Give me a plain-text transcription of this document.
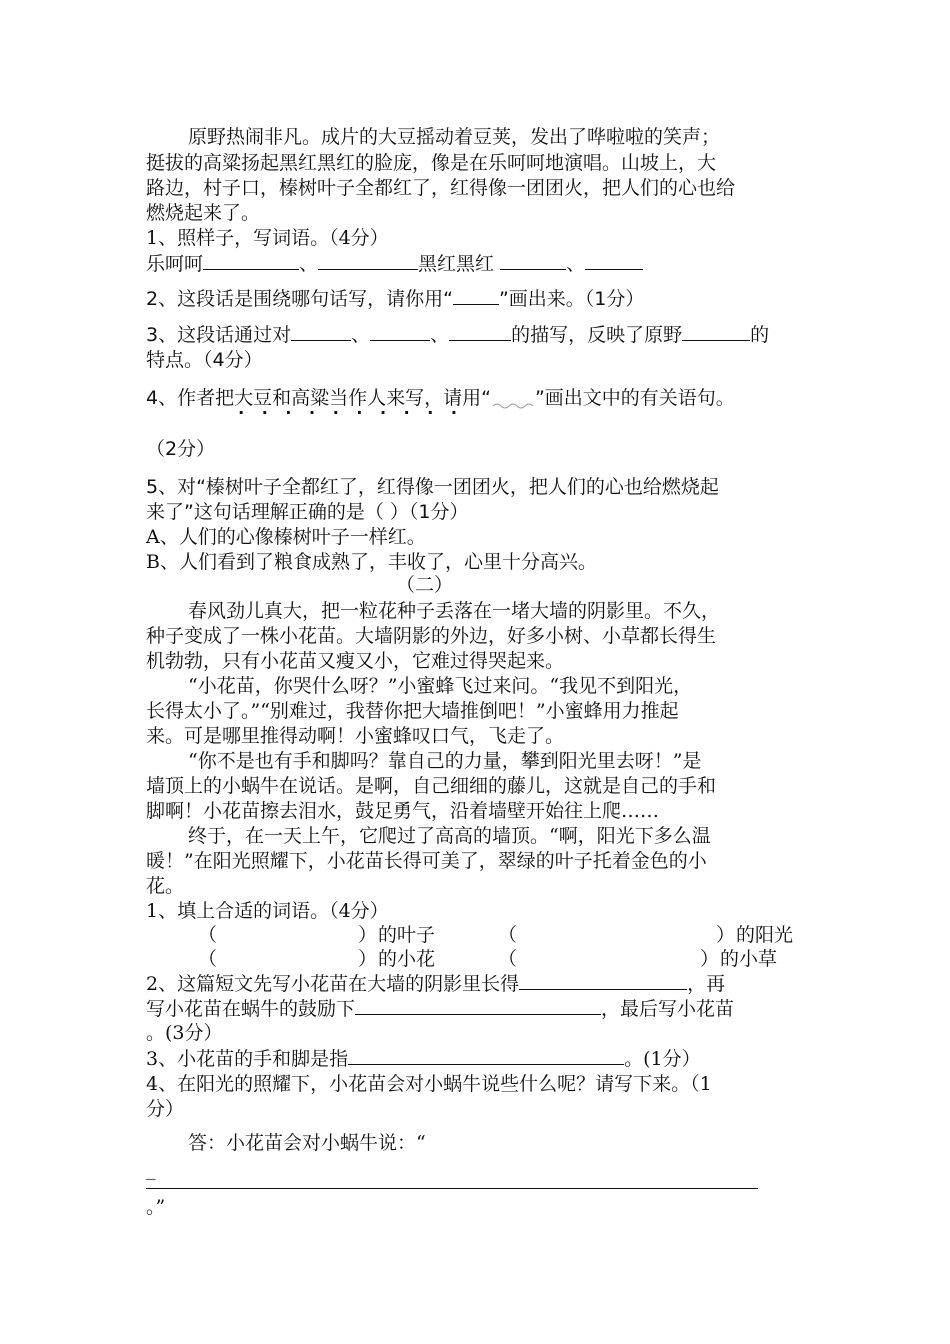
原野热闹非凡。成片的大豆摇动着豆荚，发出了哗啦啦的笑声；
挺拔的高粱扬起黑红黑红的脸庞，像是在乐呵呵地演唱。山坡上，大
路边，村子口，榛树叶子全都红了，红得像一团团火，把人们的心也给
燃烧起来了。
1、照样子，写词语。（4分）
乐呵呵	、	黑红黑红	、
2、这段话是围绕哪句话写，请你用“ ”画出来。（1分）
3、这段话通过对	、	、	的描写，反映了原野	的
特点。（4分）
4、作者把大豆和高粱当作人来写 · · ·，请用“ ”画出文中的有关语句。
（2分）
5、对“榛树叶子全都红了，红得像一团团火，把人们的心也给燃烧起
来了”这句话理解正确的是（ ）（1分）
A、人们的心像榛树叶子一样红。
B、人们看到了粮食成熟了，丰收了，心里十分高兴。
（二）
春风劲儿真大，把一粒花种子丢落在一堵大墙的阴影里。不久，
种子变成了一株小花苗。大墙阴影的外边，好多小树、小草都长得生
机勃勃，只有小花苗又瘦又小，它难过得哭起来。
“小花苗，你哭什么呀？”小蜜蜂飞过来问。“我见不到阳光，
长得太小了。”“别难过，我替你把大墙推倒吧！”小蜜蜂用力推起
来。可是哪里推得动啊！小蜜蜂叹口气，飞走了。
“你不是也有手和脚吗？靠自己的力量，攀到阳光里去呀！”是
墙顶上的小蜗牛在说话。是啊，自己细细的藤儿，这就是自己的手和
脚啊！小花苗擦去泪水，鼓足勇气，沿着墙壁开始往上爬……
终于，在一天上午，它爬过了高高的墙顶。“啊，阳光下多么温
暖！”在阳光照耀下，小花苗长得可美了，翠绿的叶子托着金色的小
花。
1、填上合适的词语。（4分）
（	） 的叶子	（	） 的阳光
（	） 的小花	（	） 的小草
2、这篇短文先写小花苗在大墙的阴影里长得	，再
写小花苗在蜗牛的鼓励下	，最后写小花苗
。(3分）
3、小花苗的手和脚是指	。(1分）
4、在阳光的照耀下，小花苗会对小蜗牛说些什么呢？请写下来。（1
分）
答：小花苗会对小蜗牛说：“
_
。”
